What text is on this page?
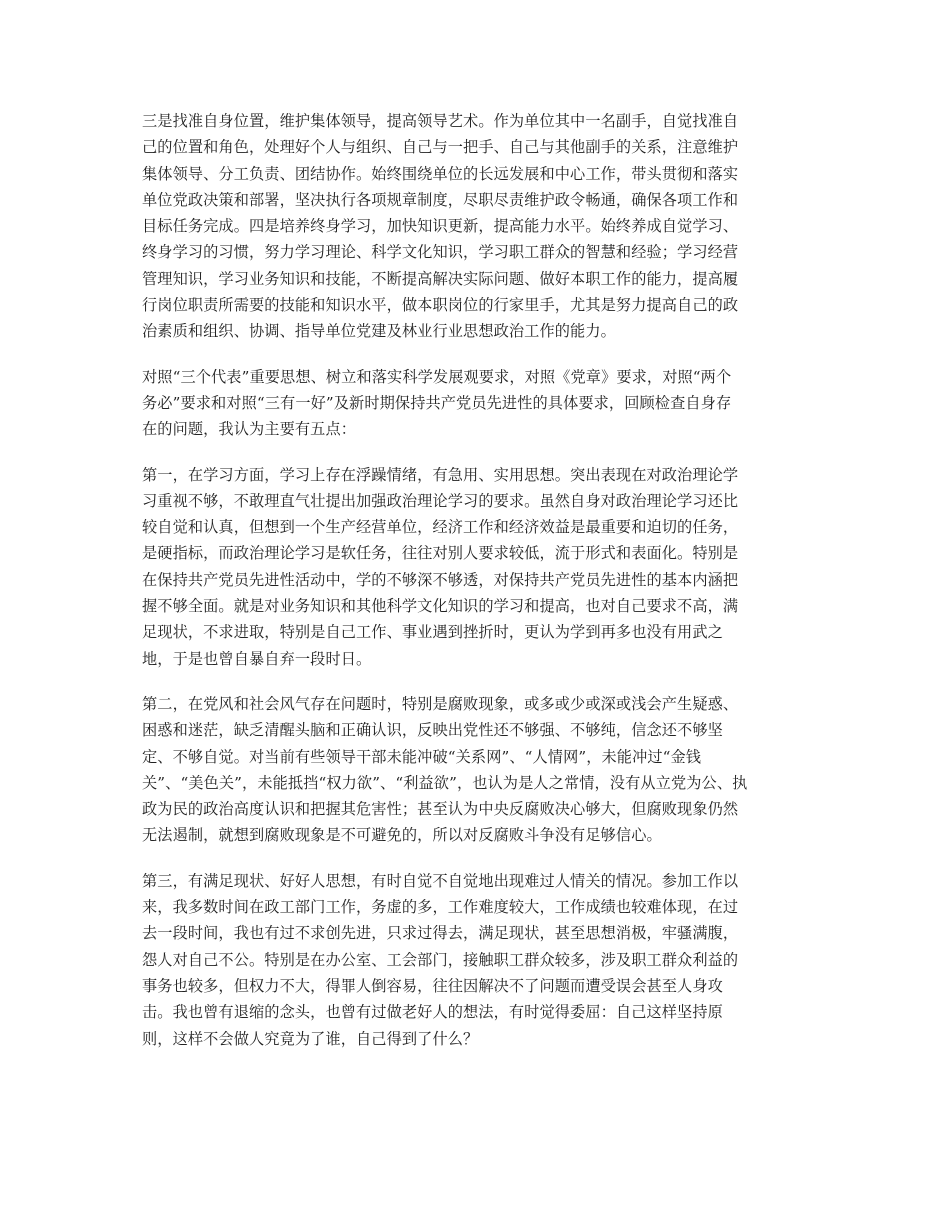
三是找准自身位置，维护集体领导，提高领导艺术。作为单位其中一名副手，自觉找准自
己的位置和角色，处理好个人与组织、自己与一把手、自己与其他副手的关系，注意维护
集体领导、分工负责、团结协作。始终围绕单位的长远发展和中心工作，带头贯彻和落实
单位党政决策和部署，坚决执行各项规章制度，尽职尽责维护政令畅通，确保各项工作和
目标任务完成。四是培养终身学习，加快知识更新，提高能力水平。始终养成自觉学习、
终身学习的习惯，努力学习理论、科学文化知识，学习职工群众的智慧和经验；学习经营
管理知识，学习业务知识和技能，不断提高解决实际问题、做好本职工作的能力，提高履
行岗位职责所需要的技能和知识水平，做本职岗位的行家里手，尤其是努力提高自己的政
治素质和组织、协调、指导单位党建及林业行业思想政治工作的能力。
对照“三个代表”重要思想、树立和落实科学发展观要求，对照《党章》要求，对照“两个
务必”要求和对照“三有一好”及新时期保持共产党员先进性的具体要求，回顾检查自身存
在的问题，我认为主要有五点：
第一，在学习方面，学习上存在浮躁情绪，有急用、实用思想。突出表现在对政治理论学
习重视不够，不敢理直气壮提出加强政治理论学习的要求。虽然自身对政治理论学习还比
较自觉和认真，但想到一个生产经营单位，经济工作和经济效益是最重要和迫切的任务，
是硬指标，而政治理论学习是软任务，往往对别人要求较低，流于形式和表面化。特别是
在保持共产党员先进性活动中，学的不够深不够透，对保持共产党员先进性的基本内涵把
握不够全面。就是对业务知识和其他科学文化知识的学习和提高，也对自己要求不高，满
足现状，不求进取，特别是自己工作、事业遇到挫折时，更认为学到再多也没有用武之
地，于是也曾自暴自弃一段时日。
第二，在党风和社会风气存在问题时，特别是腐败现象，或多或少或深或浅会产生疑惑、
困惑和迷茫，缺乏清醒头脑和正确认识，反映出党性还不够强、不够纯，信念还不够坚
定、不够自觉。对当前有些领导干部未能冲破“关系网”、“人情网”，未能冲过“金钱
关”、“美色关”，未能抵挡“权力欲”、“利益欲”，也认为是人之常情，没有从立党为公、执
政为民的政治高度认识和把握其危害性；甚至认为中央反腐败决心够大，但腐败现象仍然
无法遏制，就想到腐败现象是不可避免的，所以对反腐败斗争没有足够信心。
第三，有满足现状、好好人思想，有时自觉不自觉地出现难过人情关的情况。参加工作以
来，我多数时间在政工部门工作，务虚的多，工作难度较大，工作成绩也较难体现，在过
去一段时间，我也有过不求创先进，只求过得去，满足现状，甚至思想消极，牢骚满腹，
怨人对自己不公。特别是在办公室、工会部门，接触职工群众较多，涉及职工群众利益的
事务也较多，但权力不大，得罪人倒容易，往往因解决不了问题而遭受误会甚至人身攻
击。我也曾有退缩的念头，也曾有过做老好人的想法，有时觉得委屈：自己这样坚持原
则，这样不会做人究竟为了谁，自己得到了什么？
